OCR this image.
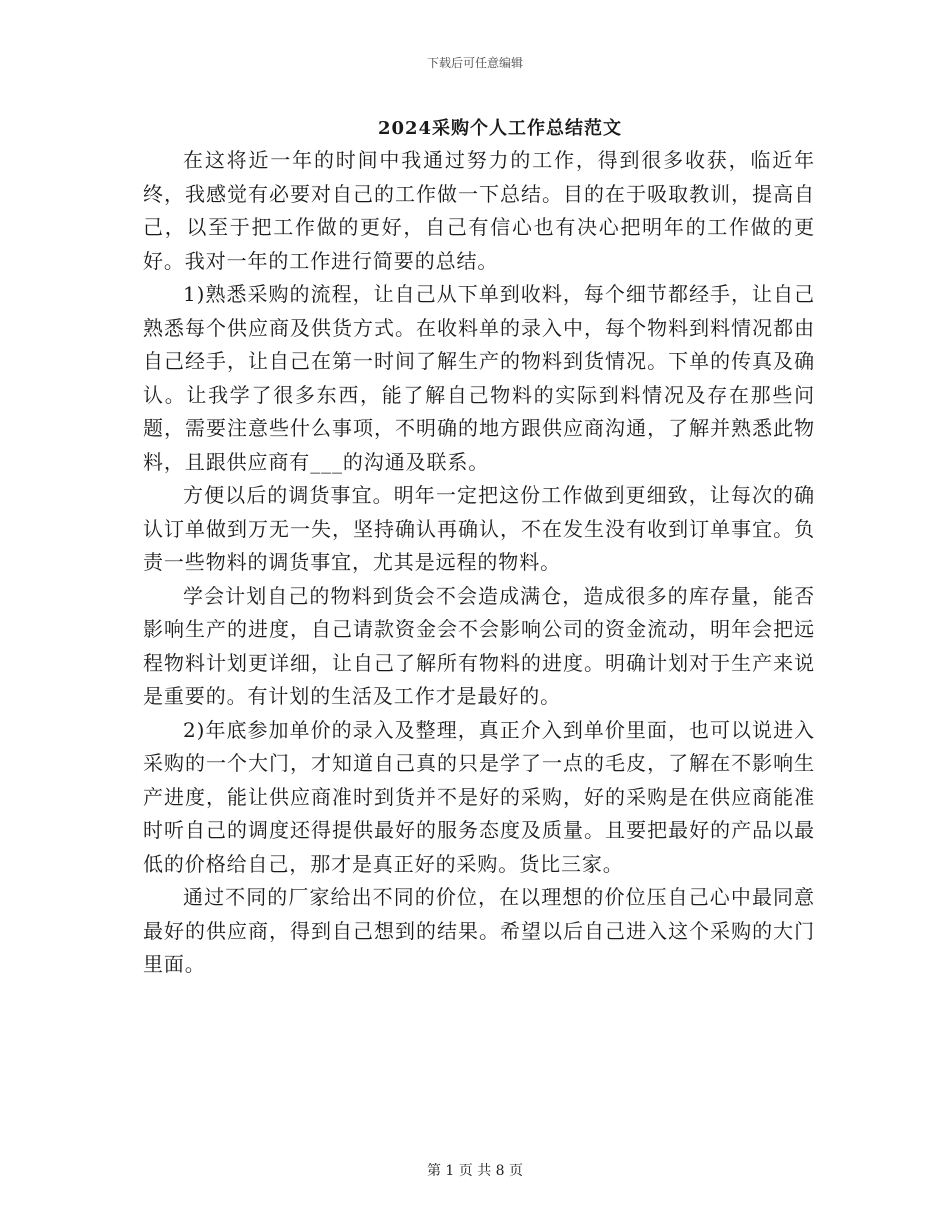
下载后可任意编辑
2024采购个人工作总结范文

在这将近一年的时间中我通过努力的工作，得到很多收获，临近年终，我感觉有必要对自己的工作做一下总结。目的在于吸取教训，提高自己，以至于把工作做的更好，自己有信心也有决心把明年的工作做的更好。我对一年的工作进行简要的总结。

1)熟悉采购的流程，让自己从下单到收料，每个细节都经手，让自己熟悉每个供应商及供货方式。在收料单的录入中，每个物料到料情况都由自己经手，让自己在第一时间了解生产的物料到货情况。下单的传真及确认。让我学了很多东西，能了解自己物料的实际到料情况及存在那些问题，需要注意些什么事项，不明确的地方跟供应商沟通，了解并熟悉此物料，且跟供应商有___的沟通及联系。

方便以后的调货事宜。明年一定把这份工作做到更细致，让每次的确认订单做到万无一失，坚持确认再确认，不在发生没有收到订单事宜。负责一些物料的调货事宜，尤其是远程的物料。

学会计划自己的物料到货会不会造成满仓，造成很多的库存量，能否影响生产的进度，自己请款资金会不会影响公司的资金流动，明年会把远程物料计划更详细，让自己了解所有物料的进度。明确计划对于生产来说是重要的。有计划的生活及工作才是最好的。

2)年底参加单价的录入及整理，真正介入到单价里面，也可以说进入采购的一个大门，才知道自己真的只是学了一点的毛皮，了解在不影响生产进度，能让供应商准时到货并不是好的采购，好的采购是在供应商能准时听自己的调度还得提供最好的服务态度及质量。且要把最好的产品以最低的价格给自己，那才是真正好的采购。货比三家。

通过不同的厂家给出不同的价位，在以理想的价位压自己心中最同意最好的供应商，得到自己想到的结果。希望以后自己进入这个采购的大门里面。

第 1 页 共 8 页
